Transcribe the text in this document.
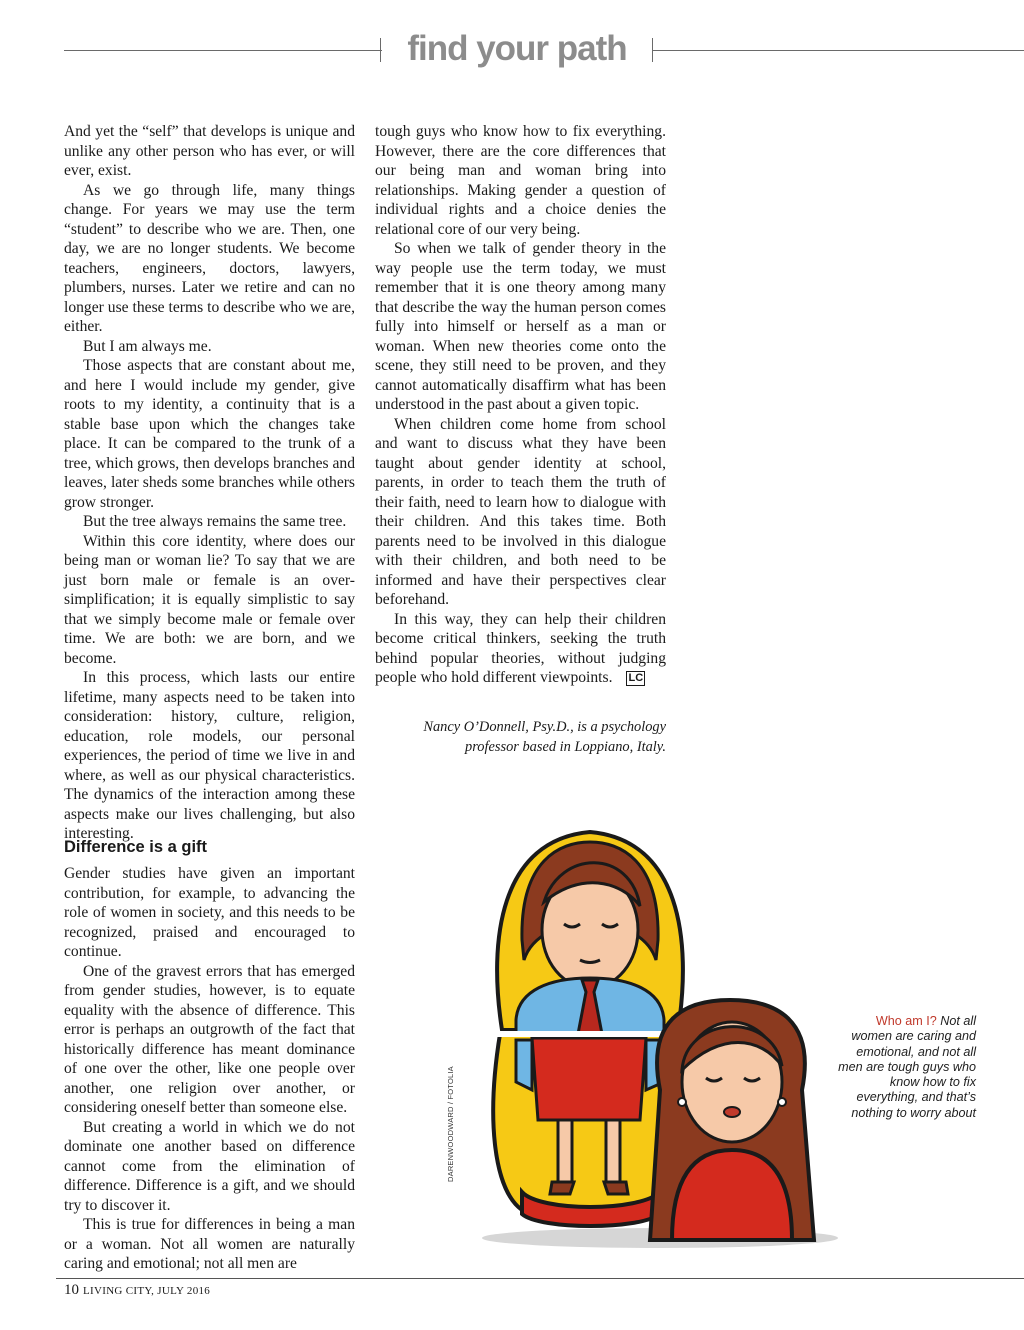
find your path

And yet the “self” that develops is unique and unlike any other person who has ever, or will ever, exist.

As we go through life, many things change. For years we may use the term “student” to describe who we are. Then, one day, we are no longer students. We become teachers, engineers, doctors, lawyers, plumbers, nurses. Later we retire and can no longer use these terms to describe who we are, either.

But I am always me.

Those aspects that are constant about me, and here I would include my gender, give roots to my identity, a continuity that is a stable base upon which the changes take place. It can be compared to the trunk of a tree, which grows, then develops branches and leaves, later sheds some branches while others grow stronger.

But the tree always remains the same tree.

Within this core identity, where does our being man or woman lie? To say that we are just born male or female is an over-simplification; it is equally simplistic to say that we simply become male or female over time. We are both: we are born, and we become.

In this process, which lasts our entire lifetime, many aspects need to be taken into consideration: history, culture, religion, education, role models, our personal experiences, the period of time we live in and where, as well as our physical characteristics. The dynamics of the interaction among these aspects make our lives challenging, but also interesting.

Difference is a gift

Gender studies have given an important contribution, for example, to advancing the role of women in society, and this needs to be recognized, praised and encouraged to continue.

One of the gravest errors that has emerged from gender studies, however, is to equate equality with the absence of difference. This error is perhaps an outgrowth of the fact that historically difference has meant dominance of one over the other, like one people over another, one religion over another, or considering oneself better than someone else.

But creating a world in which we do not dominate one another based on difference cannot come from the elimination of difference. Difference is a gift, and we should try to discover it.

This is true for differences in being a man or a woman. Not all women are naturally caring and emotional; not all men are

tough guys who know how to fix everything. However, there are the core differences that our being man and woman bring into relationships. Making gender a question of individual rights and a choice denies the relational core of our very being.

So when we talk of gender theory in the way people use the term today, we must remember that it is one theory among many that describe the way the human person comes fully into himself or herself as a man or woman. When new theories come onto the scene, they still need to be proven, and they cannot automatically disaffirm what has been understood in the past about a given topic.

When children come home from school and want to discuss what they have been taught about gender identity at school, parents, in order to teach them the truth of their faith, need to learn how to dialogue with their children. And this takes time. Both parents need to be involved in this dialogue with their children, and both need to be informed and have their perspectives clear beforehand.

In this way, they can help their children become critical thinkers, seeking the truth behind popular theories, without judging people who hold different viewpoints. LC

Nancy O’Donnell, Psy.D., is a psychology professor based in Loppiano, Italy.
DARENWOODWARD / FOTOLIA
Who am I? Not all women are caring and emotional, and not all men are tough guys who know how to fix everything, and that’s nothing to worry about
10 LIVING CITY, JULY 2016
